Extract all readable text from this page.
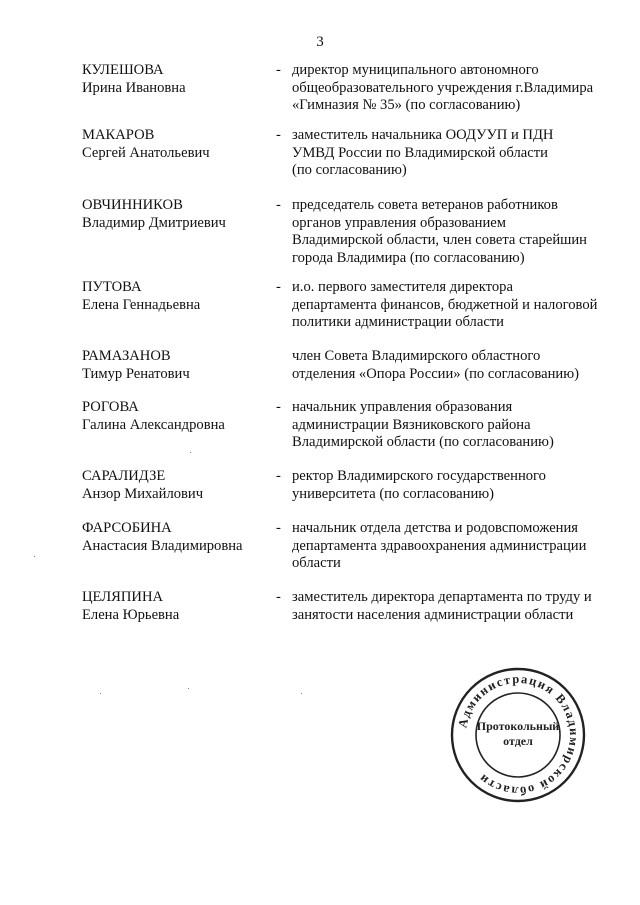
3
КУЛЕШОВА
Ирина Ивановна
- директор муниципального автономного
общеобразовательного учреждения г.Владимира
«Гимназия № 35» (по согласованию)
МАКАРОВ
Сергей Анатольевич
- заместитель начальника ООДУУП и ПДН
УМВД России по Владимирской области
(по согласованию)
ОВЧИННИКОВ
Владимир Дмитриевич
- председатель совета ветеранов работников
органов управления образованием
Владимирской области, член совета старейшин
города Владимира (по согласованию)
ПУТОВА
Елена Геннадьевна
- и.о. первого заместителя директора
департамента финансов, бюджетной и налоговой
политики администрации области
РАМАЗАНОВ
Тимур Ренатович
член Совета Владимирского областного
отделения «Опора России» (по согласованию)
РОГОВА
Галина Александровна
- начальник управления образования
администрации Вязниковского района
Владимирской области (по согласованию)
САРАЛИДЗЕ
Анзор Михайлович
- ректор Владимирского государственного
университета (по согласованию)
ФАРСОБИНА
Анастасия Владимировна
- начальник отдела детства и родовспоможения
департамента здравоохранения администрации
области
ЦЕЛЯПИНА
Елена Юрьевна
- заместитель директора департамента по труду и
занятости населения администрации области
Администрация Владимирской области
Протокольный
отдел
